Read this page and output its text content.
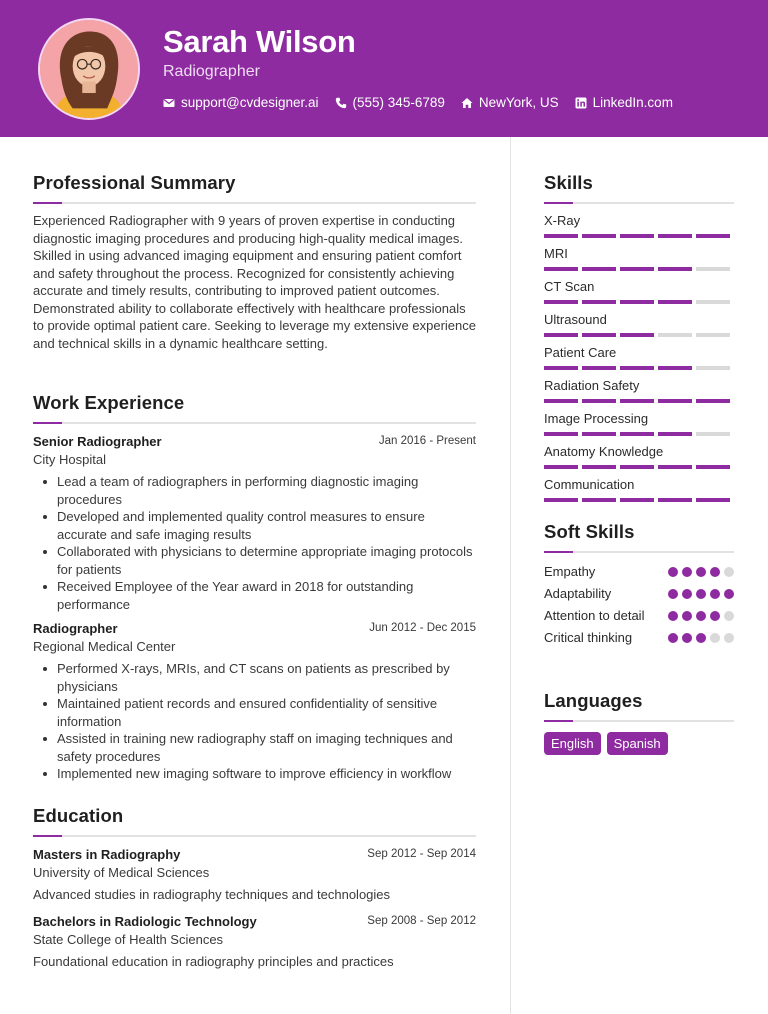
Sarah Wilson
Radiographer
support@cvdesigner.ai	(555) 345-6789	NewYork, US	LinkedIn.com
Professional Summary
Experienced Radiographer with 9 years of proven expertise in conducting diagnostic imaging procedures and producing high-quality medical images. Skilled in using advanced imaging equipment and ensuring patient comfort and safety throughout the process. Recognized for consistently achieving accurate and timely results, contributing to improved patient outcomes. Demonstrated ability to collaborate effectively with healthcare professionals to provide optimal patient care. Seeking to leverage my extensive experience and technical skills in a dynamic healthcare setting.
Work Experience
Senior Radiographer	Jan 2016 - Present
City Hospital
Lead a team of radiographers in performing diagnostic imaging procedures
Developed and implemented quality control measures to ensure accurate and safe imaging results
Collaborated with physicians to determine appropriate imaging protocols for patients
Received Employee of the Year award in 2018 for outstanding performance
Radiographer	Jun 2012 - Dec 2015
Regional Medical Center
Performed X-rays, MRIs, and CT scans on patients as prescribed by physicians
Maintained patient records and ensured confidentiality of sensitive information
Assisted in training new radiography staff on imaging techniques and safety procedures
Implemented new imaging software to improve efficiency in workflow
Education
Masters in Radiography	Sep 2012 - Sep 2014
University of Medical Sciences
Advanced studies in radiography techniques and technologies
Bachelors in Radiologic Technology	Sep 2008 - Sep 2012
State College of Health Sciences
Foundational education in radiography principles and practices
Skills
X-Ray
MRI
CT Scan
Ultrasound
Patient Care
Radiation Safety
Image Processing
Anatomy Knowledge
Communication
Soft Skills
Empathy
Adaptability
Attention to detail
Critical thinking
Languages
English	Spanish
